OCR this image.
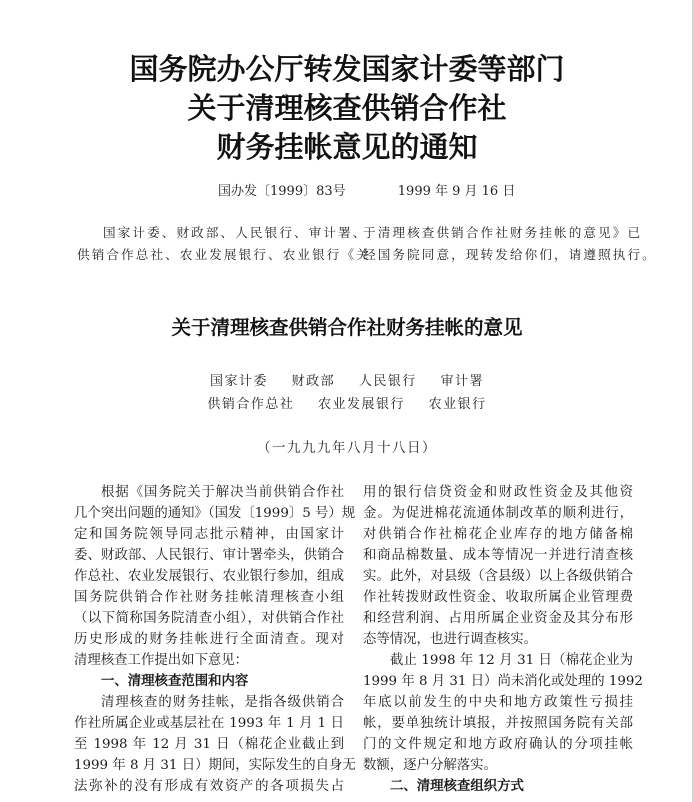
国务院办公厅转发国家计委等部门
关于清理核查供销合作社
财务挂帐意见的通知
国办发〔1999〕83号	1999 年 9 月 16 日
国家计委、财政部、人民银行、审计署、
供销合作总社、农业发展银行、农业银行《关
于清理核查供销合作社财务挂帐的意见》已
经国务院同意，现转发给你们，请遵照执行。
关于清理核查供销合作社财务挂帐的意见
国家计委 财政部 人民银行 审计署
供销合作总社 农业发展银行 农业银行
（一九九九年八月十八日）
根据《国务院关于解决当前供销合作社
几个突出问题的通知》（国发〔1999〕5 号）规
定和国务院领导同志批示精神，由国家计
委、财政部、人民银行、审计署牵头，供销合
作总社、农业发展银行、农业银行参加，组成
国务院供销合作社财务挂帐清理核查小组
（以下简称国务院清查小组），对供销合作社
历史形成的财务挂帐进行全面清查。现对
清理核查工作提出如下意见：
一、清理核查范围和内容
清理核查的财务挂帐，是指各级供销合
作社所属企业或基层社在 1993 年 1 月 1 日
至 1998 年 12 月 31 日（棉花企业截止到
1999 年 8 月 31 日）期间，实际发生的自身无
法弥补的没有形成有效资产的各项损失占
用的银行信贷资金和财政性资金及其他资
金。为促进棉花流通体制改革的顺利进行，
对供销合作社棉花企业库存的地方储备棉
和商品棉数量、成本等情况一并进行清查核
实。此外，对县级（含县级）以上各级供销合
作社转拨财政性资金、收取所属企业管理费
和经营利润、占用所属企业资金及其分布形
态等情况，也进行调查核实。
截止 1998 年 12 月 31 日（棉花企业为
1999 年 8 月 31 日）尚未消化或处理的 1992
年底以前发生的中央和地方政策性亏损挂
帐，要单独统计填报，并按照国务院有关部
门的文件规定和地方政府确认的分项挂帐
数额，逐户分解落实。
二、清理核查组织方式
